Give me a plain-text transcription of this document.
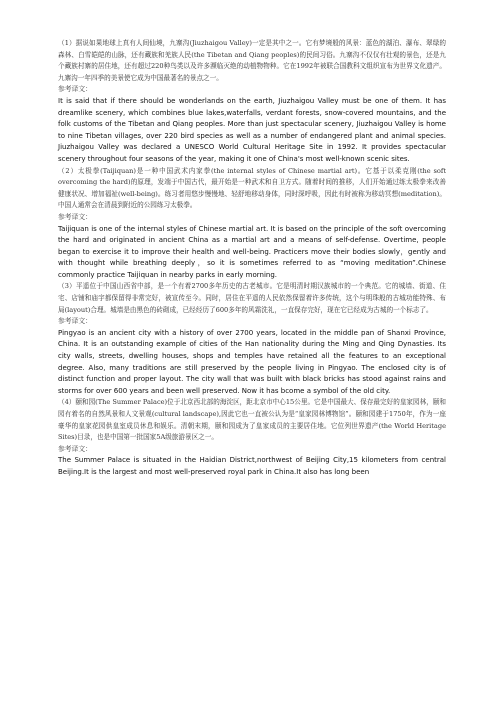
（1）据说如果地球上真有人间仙境，九寨沟(Jiuzhaigou Valley)一定是其中之一。它有梦境般的风景：蓝色的湖泊、瀑布、翠绿的森林、白雪皑皑的山脉，还有藏族和羌族人民(the Tibetan and Qiang peoples)的民间习俗。九寨沟不仅仅有壮观的景色，还是九个藏族村寨的居住地，还有超过220种鸟类以及许多濒临灭绝的动植物物种。它在1992年被联合国教科文组织宣布为世界文化遗产。九寨沟一年四季的美景使它成为中国最著名的景点之一。

参考译文：

It is said that if there should be wonderlands on the earth, Jiuzhaigou Valley must be one of them. It has dreamlike scenery, which combines blue lakes,waterfalls, verdant forests, snow-covered mountains, and the folk customs of the Tibetan and Qiang peoples. More than just spectacular scenery, Jiuzhaigou Valley is home to nine Tibetan villages, over 220 bird species as well as a number of endangered plant and animal species. Jiuzhaigou Valley was declared a UNESCO World Cultural Heritage Site in 1992. It provides spectacular scenery throughout four seasons of the year, making it one of China's most well-known scenic sites.

（2）太极拳(Taijiquan)是一种中国武术内家拳(the internal styles of Chinese martial art)。它基于以柔克刚(the soft overcoming the hard)的原理，发端于中国古代，最开始是一种武术和自卫方式。随着时间的推移，人们开始通过练太极拳来改善健康状况、增加福祉(well-being)。练习者用悠步慢慢地、轻舒地移动身体，同时深呼吸，因此有时被称为移动冥想(meditation)。中国人通常会在清晨到附近的公园练习太极拳。

参考译文：

Taijiquan is one of the internal styles of Chinese martial art. It is based on the principle of the soft overcoming the hard and originated in ancient China as a martial art and a means of self-defense. Overtime, people began to exercise it to improve their health and well-being. Practicers move their bodies slowly，gently and with thought while breathing deeply，so it is sometimes referred to as “moving meditation”.Chinese commonly practice Taijiquan in nearby parks in early morning.

（3）平遥位于中国山西省中部，是一个有着2700多年历史的古老城市。它是明清时期汉族城市的一个典范。它的城墙、街道、住宅、店铺和庙宇都保留得非常完好，被宣传至今。同时，居住在平遥的人民依然保留着许多传统，这个与明珠般的古城功能特殊、布局(layout)合理。城墙是由黑色的砖砌成，已经经历了600多年的风霜洗礼，一直保存完好，现在它已经成为古城的一个标志了。

参考译文：

Pingyao is an ancient city with a history of over 2700 years, located in the middle pan of Shanxi Province, China. It is an outstanding example of cities of the Han nationality during the Ming and Qing Dynasties. Its city walls, streets, dwelling houses, shops and temples have retained all the features to an exceptional degree. Also, many traditions are still preserved by the people living in Pingyao. The enclosed city is of distinct function and proper layout. The city wall that was built with black bricks has stood against rains and storms for over 600 years and been well preserved. Now it has bcome a symbol of the old city.

（4）颐和园(The Summer Palace)位于北京西北部的海淀区，距北京市中心15公里。它是中国最大、保存最完好的皇家园林，颐和园有着名的自然风景和人文景观(cultural landscape),因此它也一直被公认为是“皇家园林博物馆”。颐和园建于1750年，作为一座豪华的皇家花园供皇室成员休息和娱乐。清朝末期，颐和园成为了皇家成员的主要居住地。它位列世界遗产(the World Heritage Sites)目录，也是中国第一批国家5A级旅游景区之一。

参考译文：

The Summer Palace is situated in the Haidian District,northwest of Beijing City,15 kilometers from central Beijing.It is the largest and most well-preserved royal park in China.It also has long been
